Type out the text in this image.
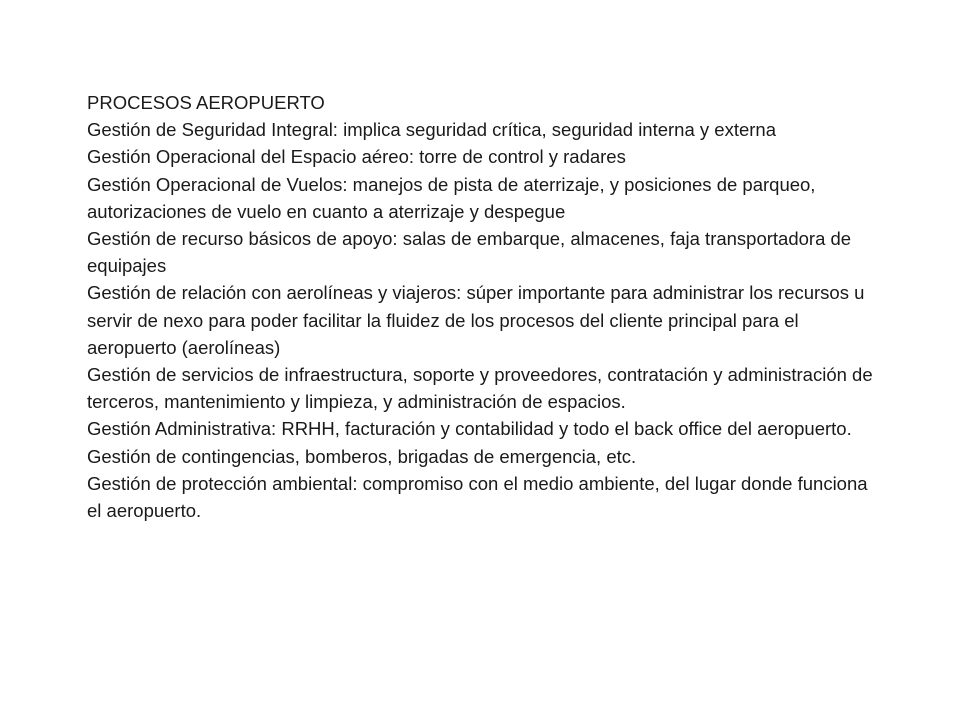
PROCESOS AEROPUERTO

Gestión de Seguridad Integral: implica seguridad crítica, seguridad interna y externa

Gestión Operacional del Espacio aéreo: torre de control y radares

Gestión Operacional de Vuelos: manejos de pista de aterrizaje, y posiciones de parqueo, autorizaciones de vuelo en cuanto a aterrizaje y despegue

Gestión de recurso básicos de apoyo: salas de embarque, almacenes, faja transportadora de equipajes

Gestión de relación con aerolíneas y viajeros: súper importante para administrar los recursos u servir de nexo para poder facilitar la fluidez de los procesos del cliente principal para el aeropuerto (aerolíneas)

Gestión de servicios de infraestructura, soporte y proveedores, contratación y administración de terceros, mantenimiento y limpieza, y administración de espacios.

Gestión Administrativa: RRHH, facturación y contabilidad y todo el back office del aeropuerto.

Gestión de contingencias, bomberos, brigadas de emergencia, etc.

Gestión de protección ambiental: compromiso con el medio ambiente, del lugar donde funciona el aeropuerto.
